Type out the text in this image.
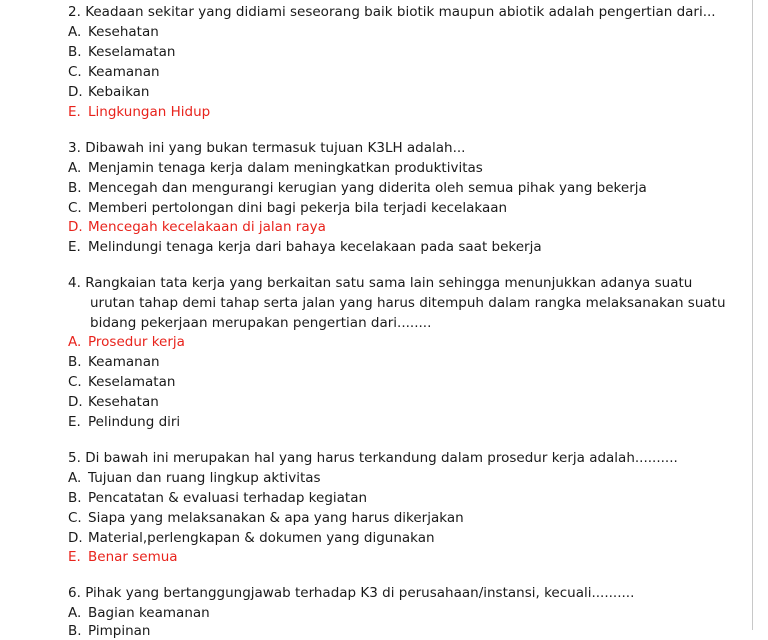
2. Keadaan sekitar yang didiami seseorang baik biotik maupun abiotik adalah pengertian dari...
A. Kesehatan
B. Keselamatan
C. Keamanan
D. Kebaikan
E. Lingkungan Hidup
3. Dibawah ini yang bukan termasuk tujuan K3LH adalah...
A. Menjamin tenaga kerja dalam meningkatkan produktivitas
B. Mencegah dan mengurangi kerugian yang diderita oleh semua pihak yang bekerja
C. Memberi pertolongan dini bagi pekerja bila terjadi kecelakaan
D. Mencegah kecelakaan di jalan raya
E. Melindungi tenaga kerja dari bahaya kecelakaan pada saat bekerja
4. Rangkaian tata kerja yang berkaitan satu sama lain sehingga menunjukkan adanya suatu
urutan tahap demi tahap serta jalan yang harus ditempuh dalam rangka melaksanakan suatu
bidang pekerjaan merupakan pengertian dari........
A. Prosedur kerja
B. Keamanan
C. Keselamatan
D. Kesehatan
E. Pelindung diri
5. Di bawah ini merupakan hal yang harus terkandung dalam prosedur kerja adalah..........
A. Tujuan dan ruang lingkup aktivitas
B. Pencatatan & evaluasi terhadap kegiatan
C. Siapa yang melaksanakan & apa yang harus dikerjakan
D. Material,perlengkapan & dokumen yang digunakan
E. Benar semua
6. Pihak yang bertanggungjawab terhadap K3 di perusahaan/instansi, kecuali..........
A. Bagian keamanan
B. Pimpinan
